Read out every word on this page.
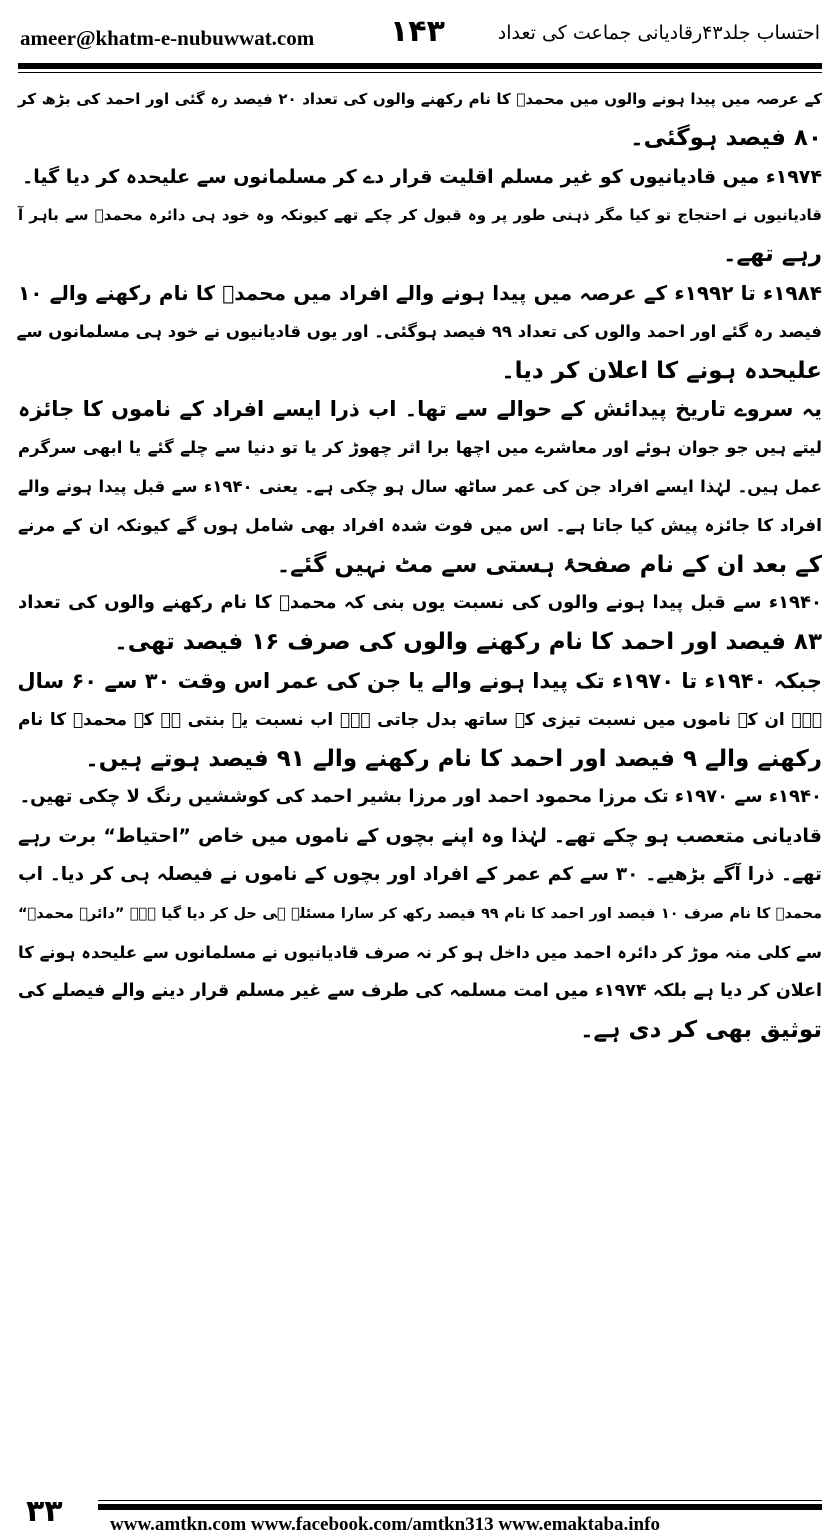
ameer@khatm-e-nubuwwat.com	۱۴۳	احتساب جلد۴۳رقادیانی جماعت کی تعداد
کے عرصہ میں پیدا ہونے والوں میں محمدؐ کا نام رکھنے والوں کی تعداد ۲۰ فیصد رہ گئی اور احمد کی بڑھ کر
۸۰ فیصد ہوگئی۔
۱۹۷۴ء میں قادیانیوں کو غیر مسلم اقلیت قرار دے کر مسلمانوں سے علیحدہ کر دیا گیا۔
قادیانیوں نے احتجاج تو کیا مگر ذہنی طور پر وہ قبول کر چکے تھے کیونکہ وہ خود ہی دائرہ محمدؐ سے باہر آ
رہے تھے۔
۱۹۸۴ء تا ۱۹۹۲ء کے عرصہ میں پیدا ہونے والے افراد میں محمدؐ کا نام رکھنے والے ۱۰
فیصد رہ گئے اور احمد والوں کی تعداد ۹۹ فیصد ہوگئی۔ اور یوں قادیانیوں نے خود ہی مسلمانوں سے
علیحدہ ہونے کا اعلان کر دیا۔
یہ سروے تاریخ پیدائش کے حوالے سے تھا۔ اب ذرا ایسے افراد کے ناموں کا جائزہ
لیتے ہیں جو جوان ہوئے اور معاشرے میں اچھا برا اثر چھوڑ کر یا تو دنیا سے چلے گئے یا ابھی سرگرم
عمل ہیں۔ لہٰذا ایسے افراد جن کی عمر ساٹھ سال ہو چکی ہے۔ یعنی ۱۹۴۰ء سے قبل پیدا ہونے والے
افراد کا جائزہ پیش کیا جاتا ہے۔ اس میں فوت شدہ افراد بھی شامل ہوں گے کیونکہ ان کے مرنے
کے بعد ان کے نام صفحۂ ہستی سے مٹ نہیں گئے۔
۱۹۴۰ء سے قبل پیدا ہونے والوں کی نسبت یوں بنی کہ محمدؐ کا نام رکھنے والوں کی تعداد
۸۳ فیصد اور احمد کا نام رکھنے والوں کی صرف ۱۶ فیصد تھی۔
جبکہ ۱۹۴۰ء تا ۱۹۷۰ء تک پیدا ہونے والے یا جن کی عمر اس وقت ۳۰ سے ۶۰ سال
ہے۔ ان کے ناموں میں نسبت تیزی کے ساتھ بدل جاتی ہے۔ اب نسبت یہ بنتی ہے کہ محمدؐ کا نام
رکھنے والے ۹ فیصد اور احمد کا نام رکھنے والے ۹۱ فیصد ہوتے ہیں۔
۱۹۴۰ء سے ۱۹۷۰ء تک مرزا محمود احمد اور مرزا بشیر احمد کی کوششیں رنگ لا چکی تھیں۔
قادیانی متعصب ہو چکے تھے۔ لہٰذا وہ اپنے بچوں کے ناموں میں خاص ”احتیاط“ برت رہے
تھے۔ ذرا آگے بڑھیے۔ ۳۰ سے کم عمر کے افراد اور بچوں کے ناموں نے فیصلہ ہی کر دیا۔ اب
محمدؐ کا نام صرف ۱۰ فیصد اور احمد کا نام ۹۹ فیصد رکھ کر سارا مسئلہ ہی حل کر دیا گیا ہے۔ ”دائرہ محمدؐ“
سے کلی منہ موڑ کر دائرہ احمد میں داخل ہو کر نہ صرف قادیانیوں نے مسلمانوں سے علیحدہ ہونے کا
اعلان کر دیا ہے بلکہ ۱۹۷۴ء میں امت مسلمہ کی طرف سے غیر مسلم قرار دینے والے فیصلے کی
توثیق بھی کر دی ہے۔
۳۳ www.amtkn.com www.facebook.com/amtkn313 www.emaktaba.info
